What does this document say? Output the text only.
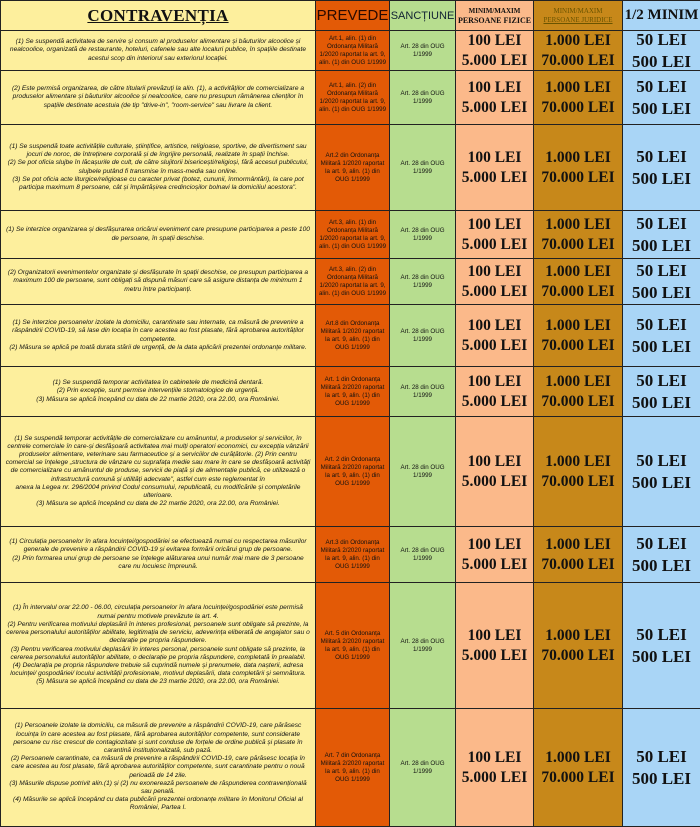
CONTRAVENȚIA	PREVEDE SANCȚIUNE	MINIM/MAXIM
PERSOANE FIZICE
MINIM/MAXIM
PERSOANE JURIDICE 1/2 MINIM

(1) Se suspendă activitatea de servire și consum al produselor alimentare și băuturilor alcoolice și nealcoolice, organizată de restaurante, hoteluri, cafenele sau alte localuri publice, în spațiile destinate acestui scop din interiorul sau exteriorul locației.

Art.1, alin. (1) din Ordonanța Militară 1/2020 raportat la art. 9, alin. (1) din OUG 1/1999
Art. 28 din OUG 1/1999
100 LEI
5.000 LEI
1.000 LEI
70.000 LEI
50 LEI
500 LEI

(2) Este permisă organizarea, de către titularii prevăzuți la alin. (1), a activităților de comercializare a produselor alimentare și băuturilor alcoolice și nealcoolice, care nu presupun rămânerea clienților în spațiile destinate acestuia (de tip "drive-in", "room-service" sau livrare la client.

Art.1, alin. (2) din Ordonanța Militară 1/2020 raportat la art. 9, alin. (1) din OUG 1/1999
Art. 28 din OUG 1/1999
100 LEI
5.000 LEI
1.000 LEI
70.000 LEI
50 LEI
500 LEI

(1) Se suspendă toate activitățile culturale, științifice, artistice, religioase, sportive, de divertisment sau jocuri de noroc, de întreținere corporală și de îngrijire personală, realizate în spații închise.

(2) Se pot oficia slujbe în lăcașurile de cult, de către slujitorii bisericești/religioși, fără accesul publicului, slujbele putând fi transmise în mass-media sau online.

(3) Se pot oficia acte liturgice/religioase cu caracter privat (botez, cununii, înmormântări), la care pot participa maximum 8 persoane, cât și împărtășirea credincioșilor bolnavi la domiciliul acestora".

Art.2 din Ordonanța Militară 1/2020 raportat la art. 9, alin. (1) din OUG 1/1999
Art. 28 din OUG 1/1999
100 LEI
5.000 LEI
1.000 LEI
70.000 LEI
50 LEI
500 LEI

(1) Se interzice organizarea și desfășurarea oricărui eveniment care presupune participarea a peste 100 de persoane, în spații deschise.

Art.3, alin. (1) din Ordonanța Militară 1/2020 raportat la art. 9, alin. (1) din OUG 1/1999
Art. 28 din OUG 1/1999
100 LEI
5.000 LEI
1.000 LEI
70.000 LEI
50 LEI
500 LEI

(2) Organizatorii evenimentelor organizate și desfășurate în spații deschise, ce presupun participarea a maximum 100 de persoane, sunt obligați să dispună măsuri care să asigure distanța de minimum 1 metru între participanți.

Art.3, alin. (2) din Ordonanța Militară 1/2020 raportat la art. 9, alin. (1) din OUG 1/1999
Art. 28 din OUG 1/1999
100 LEI
5.000 LEI
1.000 LEI
70.000 LEI
50 LEI
500 LEI

(1) Se interzice persoanelor izolate la domiciliu, carantinate sau internate, ca măsură de prevenire a răspândirii COVID-19, să lase din locația în care acestea au fost plasate, fără aprobarea autorităților competente.

(2) Măsura se aplică pe toată durata stării de urgență, de la data aplicării prezentei ordonanțe militare.

Art.8 din Ordonanța Militară 1/2020 raportat la art. 9, alin. (1) din OUG 1/1999
Art. 28 din OUG 1/1999
100 LEI
5.000 LEI
1.000 LEI
70.000 LEI
50 LEI
500 LEI

(1) Se suspendă temporar activitatea în cabinetele de medicină dentară.

(2) Prin excepție, sunt permise intervențiile stomatologice de urgență.

(3) Măsura se aplică începând cu data de 22 martie 2020, ora 22.00, ora României.

Art. 1 din Ordonanța Militară 2/2020 raportat la art. 9, alin. (1) din OUG 1/1999
Art. 28 din OUG 1/1999
100 LEI
5.000 LEI
1.000 LEI
70.000 LEI
50 LEI
500 LEI

(1) Se suspendă temporar activitățile de comercializare cu amănuntul, a produselor și serviciilor, în centrele comerciale în care-și desfășoară activitatea mai mulți operatori economici, cu excepția vânzării produselor alimentare, veterinare sau farmaceutice și a serviciilor de curățătorie. (2) Prin centru comercial se înțelege „structura de vânzare cu suprafața medie sau mare în care se desfășoară activități de comercializare cu amănuntul de produse, servicii de piață și de alimentație publică, ce utilizează o infrastructură comună și utilități adecvate", astfel cum este reglementat în

anexa la Legea nr. 296/2004 privind Codul consumului, republicată, cu modificările și completările ulterioare.

(3) Măsura se aplică începând cu data de 22 martie 2020, ora 22.00, ora României.

Art. 2 din Ordonanța Militară 2/2020 raportat la art. 9, alin. (1) din OUG 1/1999
Art. 28 din OUG 1/1999
100 LEI
5.000 LEI
1.000 LEI
70.000 LEI
50 LEI
500 LEI

(1) Circulația persoanelor în afara locuinței/gospodăriei se efectuează numai cu respectarea măsurilor generale de prevenire a răspândirii COVID-19 și evitarea formării oricărui grup de persoane.

(2) Prin formarea unui grup de persoane se înțelege alăturarea unui număr mai mare de 3 persoane care nu locuiesc împreună.

Art.3 din Ordonanța Militară 2/2020 raportat la art. 9, alin. (1) din OUG 1/1999
Art. 28 din OUG 1/1999
100 LEI
5.000 LEI
1.000 LEI
70.000 LEI
50 LEI
500 LEI

(1) În intervalul orar 22.00 - 06.00, circulația persoanelor în afara locuinței/gospodăriei este permisă numai pentru motivele prevăzute la art. 4.

(2) Pentru verificarea motivului deplasării în interes profesional, persoanele sunt obligate să prezinte, la cererea personalului autorităților abilitate, legitimația de serviciu, adeverința eliberată de angajator sau o declarație pe propria răspundere.

(3) Pentru verificarea motivului deplasării în interes personal, persoanele sunt obligate să prezinte, la cererea personalului autorităților abilitate, o declarație pe propria răspundere, completată în prealabil.

(4) Declarația pe propria răspundere trebuie să cuprindă numele și prenumele, data nașterii, adresa locuinței/ gospodăriei/ locului activității profesionale, motivul deplasării, data completării și semnătura.

(5) Măsura se aplică începând cu data de 23 martie 2020, ora 22.00, ora României.

Art. 5 din Ordonanța Militară 2/2020 raportat la art. 9, alin. (1) din OUG 1/1999
Art. 28 din OUG 1/1999
100 LEI
5.000 LEI
1.000 LEI
70.000 LEI
50 LEI
500 LEI

(1) Persoanele izolate la domiciliu, ca măsură de prevenire a răspândirii COVID-19, care părăsesc locuința în care acestea au fost plasate, fără aprobarea autorităților competente, sunt considerate persoane cu risc crescut de contagiozitate și sunt conduse de forțele de ordine publică și plasate în carantină instituționalizată, sub pază.

(2) Persoanele carantinate, ca măsură de prevenire a răspândirii COVID-19, care părăsesc locația în care acestea au fost plasate, fără aprobarea autorităților competente, sunt carantinate pentru o nouă perioadă de 14 zile.

(3) Măsurile dispuse potrivit alin.(1) și (2) nu exonerează persoanele de răspunderea contravențională sau penală.

(4) Măsurile se aplică începând cu data publicării prezentei ordonanțe militare în Monitorul Oficial al României, Partea I.

Art. 7 din Ordonanța Militară 2/2020 raportat la art. 9, alin. (1) din OUG 1/1999
Art. 28 din OUG 1/1999
100 LEI
5.000 LEI
1.000 LEI
70.000 LEI
50 LEI
500 LEI
